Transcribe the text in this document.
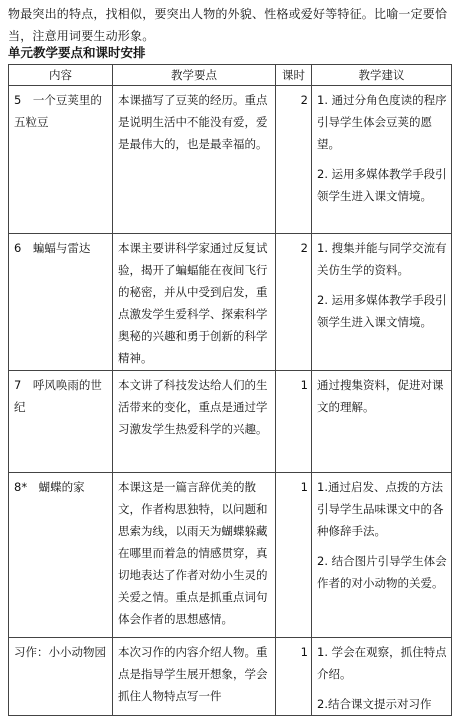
物最突出的特点，找相似，要突出人物的外貌、性格或爱好等特征。比喻一定要恰当，注意用词要生动形象。
单元教学要点和课时安排
内容	教学要点	课时	教学建议
5　一个豆荚里的五粒豆	本课描写了豆荚的经历。重点是说明生活中不能没有爱，爱是最伟大的，也是最幸福的。	2	1. 通过分角色度读的程序引导学生体会豆荚的愿望。

2. 运用多媒体教学手段引领学生进入课文情境。

6　蝙蝠与雷达	本课主要讲科学家通过反复试验，揭开了蝙蝠能在夜间飞行的秘密，并从中受到启发，重点激发学生爱科学、探索科学奥秘的兴趣和勇于创新的科学精神。	2	1. 搜集并能与同学交流有关仿生学的资料。

2. 运用多媒体教学手段引领学生进入课文情境。

7　呼风唤雨的世纪	本文讲了科技发达给人们的生活带来的变化，重点是通过学习激发学生热爱科学的兴趣。	1	通过搜集资料，促进对课文的理解。

8*　蝴蝶的家	本课这是一篇言辞优美的散文，作者构思独特，以问题和思索为线，以雨天为蝴蝶躲藏在哪里而着急的情感贯穿，真切地表达了作者对幼小生灵的关爱之情。重点是抓重点词句体会作者的思想感情。	1	1.通过启发、点拨的方法引导学生品味课文中的各种修辞手法。

2. 结合图片引导学生体会作者的对小动物的关爱。

习作：小小动物园	本次习作的内容介绍人物。重点是指导学生展开想象，学会抓住人物特点写一件	1	1. 学会在观察，抓住特点介绍。

2.结合课文提示对习作
